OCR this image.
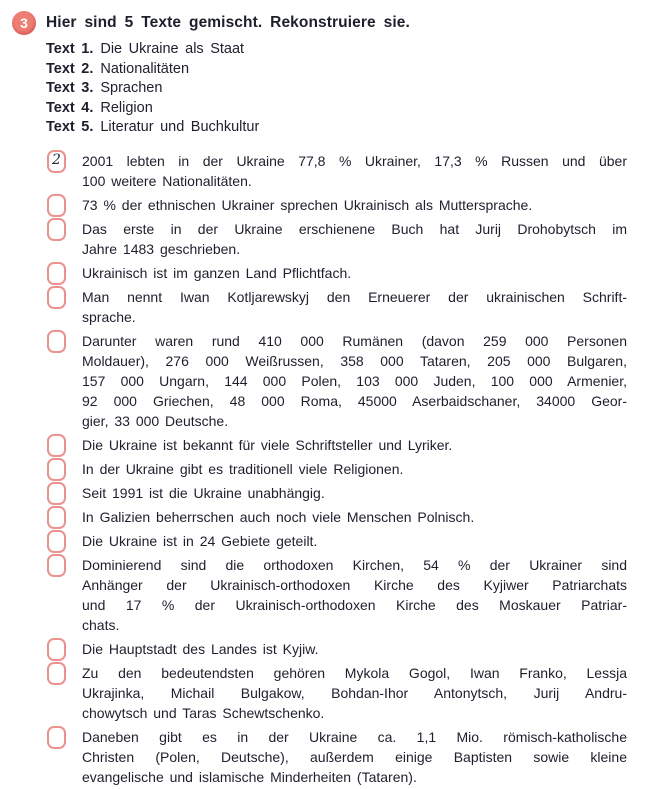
3 Hier sind 5 Texte gemischt. Rekonstruiere sie.
Text 1. Die Ukraine als Staat
Text 2. Nationalitäten
Text 3. Sprachen
Text 4. Religion
Text 5. Literatur und Buchkultur
2 2001 lebten in der Ukraine 77,8 % Ukrainer, 17,3 % Russen und über
100 weitere Nationalitäten.
73 % der ethnischen Ukrainer sprechen Ukrainisch als Muttersprache.
Das erste in der Ukraine erschienene Buch hat Jurij Drohobytsch im
Jahre 1483 geschrieben.
Ukrainisch ist im ganzen Land Pflichtfach.
Man nennt Iwan Kotljarewskyj den Erneuerer der ukrainischen Schrift-
sprache.
Darunter waren rund 410 000 Rumänen (davon 259 000 Personen
Moldauer), 276 000 Weißrussen, 358 000 Tataren, 205 000 Bulgaren,
157 000 Ungarn, 144 000 Polen, 103 000 Juden, 100 000 Armenier,
92 000 Griechen, 48 000 Roma, 45000 Aserbaidschaner, 34000 Geor-
gier, 33 000 Deutsche.
Die Ukraine ist bekannt für viele Schriftsteller und Lyriker.
In der Ukraine gibt es traditionell viele Religionen.
Seit 1991 ist die Ukraine unabhängig.
In Galizien beherrschen auch noch viele Menschen Polnisch.
Die Ukraine ist in 24 Gebiete geteilt.
Dominierend sind die orthodoxen Kirchen, 54 % der Ukrainer sind
Anhänger der Ukrainisch-orthodoxen Kirche des Kyjiwer Patriarchats
und 17 % der Ukrainisch-orthodoxen Kirche des Moskauer Patriar-
chats.
Die Hauptstadt des Landes ist Kyjiw.
Zu den bedeutendsten gehören Mykola Gogol, Iwan Franko, Lessja
Ukrajinka, Michail Bulgakow, Bohdan-Ihor Antonytsch, Jurij Andru-
chowytsch und Taras Schewtschenko.
Daneben gibt es in der Ukraine ca. 1,1 Mio. römisch-katholische
Christen (Polen, Deutsche), außerdem einige Baptisten sowie kleine
evangelische und islamische Minderheiten (Tataren).
